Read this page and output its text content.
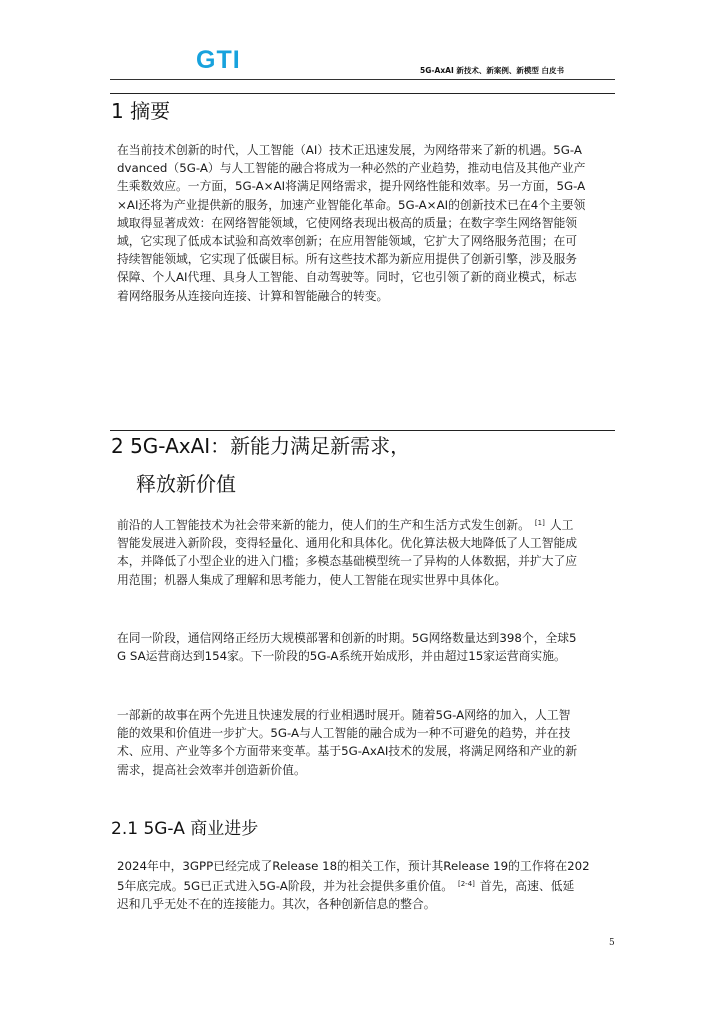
GTI	5G-AxAI 新技术、新案例、新模型 白皮书
1 摘要
在当前技术创新的时代，人工智能（AI）技术正迅速发展，为网络带来了新的机遇。5G-A
dvanced（5G-A）与人工智能的融合将成为一种必然的产业趋势，推动电信及其他产业产
生乘数效应。一方面，5G-A×AI将满足网络需求，提升网络性能和效率。另一方面，5G-A
×AI还将为产业提供新的服务，加速产业智能化革命。5G-A×AI的创新技术已在4个主要领
域取得显著成效：在网络智能领域，它使网络表现出极高的质量；在数字孪生网络智能领
域，它实现了低成本试验和高效率创新；在应用智能领域，它扩大了网络服务范围；在可
持续智能领域，它实现了低碳目标。所有这些技术都为新应用提供了创新引擎，涉及服务
保障、个人AI代理、具身人工智能、自动驾驶等。同时，它也引领了新的商业模式，标志
着网络服务从连接向连接、计算和智能融合的转变。
2 5G-AxAI：新能力满足新需求，
释放新价值
前沿的人工智能技术为社会带来新的能力，使人们的生产和生活方式发生创新。 [1] 人工
智能发展进入新阶段，变得轻量化、通用化和具体化。优化算法极大地降低了人工智能成
本，并降低了小型企业的进入门槛；多模态基础模型统一了异构的人体数据，并扩大了应
用范围；机器人集成了理解和思考能力，使人工智能在现实世界中具体化。
在同一阶段，通信网络正经历大规模部署和创新的时期。5G网络数量达到398个，全球5
G SA运营商达到154家。下一阶段的5G-A系统开始成形，并由超过15家运营商实施。
一部新的故事在两个先进且快速发展的行业相遇时展开。随着5G-A网络的加入，人工智
能的效果和价值进一步扩大。5G-A与人工智能的融合成为一种不可避免的趋势，并在技
术、应用、产业等多个方面带来变革。基于5G-AxAI技术的发展，将满足网络和产业的新
需求，提高社会效率并创造新价值。
2.1 5G-A 商业进步
2024年中，3GPP已经完成了Release 18的相关工作，预计其Release 19的工作将在202
5年底完成。5G已正式进入5G-A阶段，并为社会提供多重价值。 [2-4] 首先，高速、低延
迟和几乎无处不在的连接能力。其次，各种创新信息的整合。
5
